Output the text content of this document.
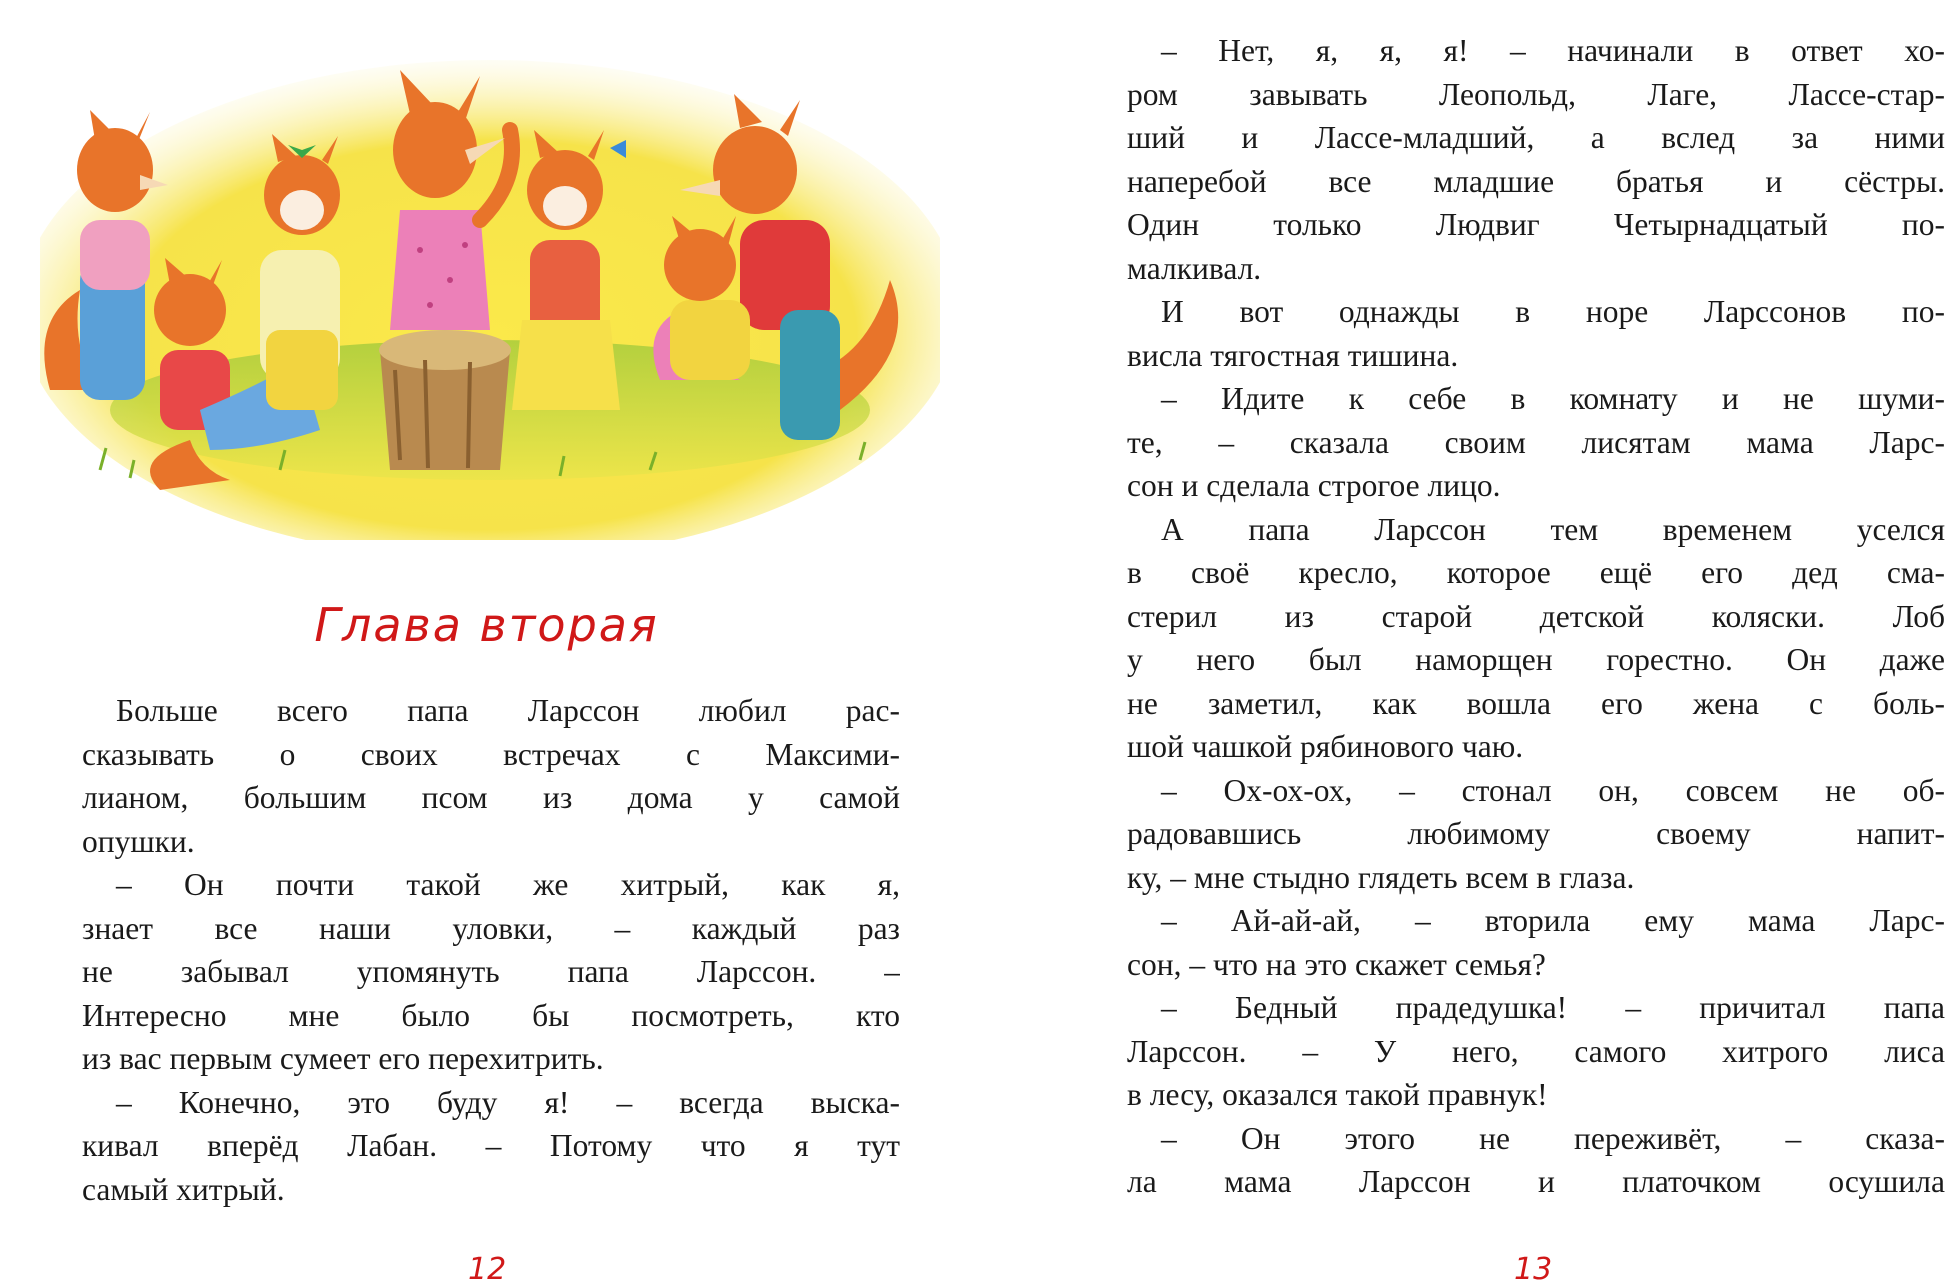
Глава вторая
Больше всего папа Ларссон любил рас-
сказывать о своих встречах с Максими-
лианом, большим псом из дома у самой
опушки.
– Он почти такой же хитрый, как я,
знает все наши уловки, – каждый раз
не забывал упомянуть папа Ларссон. –
Интересно мне было бы посмотреть, кто
из вас первым сумеет его перехитрить.
– Конечно, это буду я! – всегда выска-
кивал вперёд Лабан. – Потому что я тут
самый хитрый.
12
– Нет, я, я, я! – начинали в ответ хо-
ром завывать Леопольд, Лаге, Лассе-стар-
ший и Лассе-младший, а вслед за ними
наперебой все младшие братья и сёстры.
Один только Людвиг Четырнадцатый по-
малкивал.
И вот однажды в норе Ларссонов по-
висла тягостная тишина.
– Идите к себе в комнату и не шуми-
те, – сказала своим лисятам мама Ларс-
сон и сделала строгое лицо.
А папа Ларссон тем временем уселся
в своё кресло, которое ещё его дед сма-
стерил из старой детской коляски. Лоб
у него был наморщен горестно. Он даже
не заметил, как вошла его жена с боль-
шой чашкой рябинового чаю.
– Ох-ох-ох, – стонал он, совсем не об-
радовавшись любимому своему напит-
ку, – мне стыдно глядеть всем в глаза.
– Ай-ай-ай, – вторила ему мама Ларс-
сон, – что на это скажет семья?
– Бедный прадедушка! – причитал папа
Ларссон. – У него, самого хитрого лиса
в лесу, оказался такой правнук!
– Он этого не переживёт, – сказа-
ла мама Ларссон и платочком осушила
13
